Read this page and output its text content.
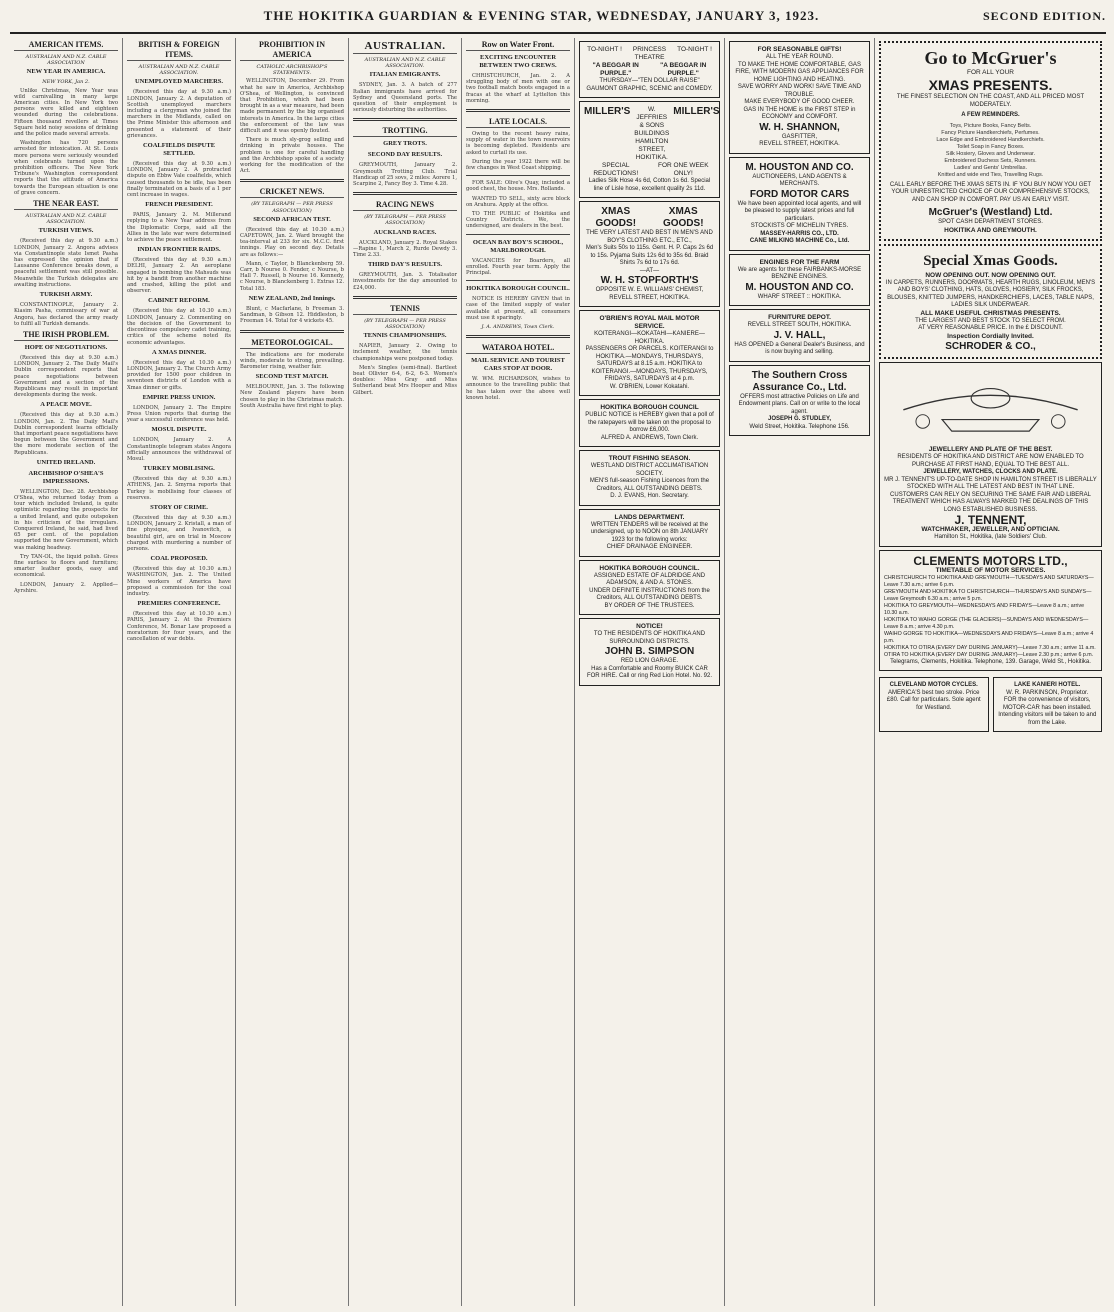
THE HOKITIKA GUARDIAN & EVENING STAR, WEDNESDAY, JANUARY 3, 1923.	SECOND EDITION.
AMERICAN ITEMS.
AUSTRALIAN AND N.Z. CABLE ASSOCIATION
NEW YEAR IN AMERICA.
NEW YORK, Jan 2.

Unlike Christmas, New Year was wild carnivalling in many large American cities. In New York two persons were killed and eighteen wounded during the celebrations. Fifteen thousand revellers at Times Square held noisy sessions of drinking and the police made several arrests.

Washington has 720 persons arrested for intoxication. At St. Louis more persons were seriously wounded when celebrants turned upon the prohibition officers. The New York Tribune's Washington correspondent reports that the attitude of America towards the European situation is one of grave concern.

THE NEAR EAST.
AUSTRALIAN AND N.Z. CABLE ASSOCIATION.
TURKISH VIEWS.

(Received this day at 9.30 a.m.) LONDON, January 2. Angora advises via Constantinople state Ismet Pasha has expressed the opinion that if Lausanne Conference breaks down, a peaceful settlement was still possible. Meanwhile the Turkish delegates are awaiting instructions.

TURKISH ARMY.

CONSTANTINOPLE, January 2. Kiasim Pasha, commissary of war at Angora, has declared the army ready to fulfil all Turkish demands.

THE IRISH PROBLEM.
HOPE OF NEGOTIATIONS.

(Received this day at 9.30 a.m.) LONDON, January 2. The Daily Mail's Dublin correspondent reports that peace negotiations between Government and a section of the Republicans may result in important developments during the week.

A PEACE MOVE.

(Received this day at 9.30 a.m.) LONDON, Jan. 2. The Daily Mail's Dublin correspondent learns officially that important peace negotiations have begun between the Government and the more moderate section of the Republicans.

UNITED IRELAND.
ARCHBISHOP O'SHEA'S IMPRESSIONS.

WELLINGTON, Dec. 28. Archbishop O'Shea, who returned today from a tour which included Ireland, is quite optimistic regarding the prospects for a united Ireland, and quite outspoken in his criticism of the irregulars. Conquered Ireland, he said, had lived 65 per cent. of the population supported the new Government, which was making headway.

Try TAN-OL, the liquid polish. Gives fine surface to floors and furniture; smarter leather goods, easy and economical.

LONDON, January 2. Applied—Ayrshire.

BRITISH & FOREIGN ITEMS.
AUSTRALIAN AND N.Z. CABLE ASSOCIATION.
UNEMPLOYED MARCHERS.

(Received this day at 9.30 a.m.) LONDON, January 2. A deputation of Scottish unemployed marchers including a clergyman who joined the marchers in the Midlands, called on the Prime Minister this afternoon and presented a statement of their grievances.

COALFIELDS DISPUTE SETTLED.

(Received this day at 9.30 a.m.) LONDON, January 2. A protracted dispute on Ebbw Vale coalfields, which caused thousands to be idle, has been finally terminated on a basis of a 1 per cent increase in wages.

FRENCH PRESIDENT.

PARIS, January 2. M. Millerand replying to a New Year address from the Diplomatic Corps, said all the Allies in the late war were determined to achieve the peace settlement.

INDIAN FRONTIER RAIDS.

(Received this day at 9.30 a.m.) DELHI, January 2. An aeroplane engaged in bombing the Mahsuds was hit by a bandit from another machine and crashed, killing the pilot and observer.

CABINET REFORM.

(Received this day at 10.30 a.m.) LONDON, January 2. Commenting on the decision of the Government to discontinue compulsory cadet training, critics of the scheme noted its economic advantages.

A XMAS DINNER.

(Received this day at 10.30 a.m.) LONDON, January 2. The Church Army provided for 1500 poor children in seventeen districts of London with a Xmas dinner or gifts.

EMPIRE PRESS UNION.

LONDON, January 2. The Empire Press Union reports that during the year a successful conference was held.

MOSUL DISPUTE.

LONDON, January 2. A Constantinople telegram states Angora officially announces the withdrawal of Mosul.

TURKEY MOBILISING.

(Received this day at 9.30 a.m.) ATHENS, Jan. 2. Smyrna reports that Turkey is mobilising four classes of reserves.

STORY OF CRIME.

(Received this day at 9.30 a.m.) LONDON, January 2. Kristall, a man of fine physique, and Ivanovitch, a beautiful girl, are on trial in Moscow charged with murdering a number of persons.

COAL PROPOSED.

(Received this day at 10.30 a.m.) WASHINGTON, Jan. 2. The United Mine workers of America have proposed a commission for the coal industry.

PREMIERS CONFERENCE.

(Received this day at 10.30 a.m.) PARIS, January 2. At the Premiers Conference, M. Bonar Law proposed a moratorium for four years, and the cancellation of war debts.

PROHIBITION IN AMERICA
CATHOLIC ARCHBISHOP'S STATEMENTS.

WELLINGTON, December 29. From what he saw in America, Archbishop O'Shea, of Wellington, is convinced that Prohibition, which had been brought in as a war measure, had been made permanent by the big organised interests in America. In the large cities the enforcement of the law was difficult and it was openly flouted.

There is much sly-grog selling and drinking in private houses. The problem is one for careful handling and the Archbishop spoke of a society working for the modification of the Act.

CRICKET NEWS.
(BY TELEGRAPH — PER PRESS ASSOCIATION)
SECOND AFRICAN TEST.

(Received this day at 10.30 a.m.) CAPETOWN, Jan. 2. Ward brought the tea-interval at 233 for six. M.C.C. first innings. Play on second day. Details are as follows:—

Mann, c Taylor, b Blanckenberg 59. Carr, b Nourse 0. Fender, c Nourse, b Hall 7. Russell, b Nourse 16. Kennedy, c Nourse, b Blanckenberg 1. Extras 12. Total 183.

NEW ZEALAND, 2nd Innings.

Blunt, c Macfarlane, b Freeman 3. Sandman, b Gibson 12. Hiddleston, b Freeman 14. Total for 4 wickets 45.

METEOROLOGICAL.

The indications are for moderate winds, moderate to strong, prevailing. Barometer rising, weather fair.

SECOND TEST MATCH.

MELBOURNE, Jan. 3. The following New Zealand players have been chosen to play in the Christmas match. South Australia have first right to play.

AUSTRALIAN.
AUSTRALIAN AND N.Z. CABLE ASSOCIATION.
ITALIAN EMIGRANTS.

SYDNEY, Jan. 3. A batch of 277 Italian immigrants have arrived for Sydney and Queensland ports. The question of their employment is seriously disturbing the authorities.

TROTTING.
GREY TROTS.
SECOND DAY RESULTS.

GREYMOUTH, January 2. Greymouth Trotting Club. Trial Handicap of 25 sovs, 2 miles: Aorere 1, Scarpine 2, Fancy Boy 3. Time 4.28.

RACING NEWS
(BY TELEGRAPH — PER PRESS ASSOCIATION)
AUCKLAND RACES.

AUCKLAND, January 2. Royal Stakes—Rapine 1, March 2, Rurde Dewdy 3. Time 2.33.

THIRD DAY'S RESULTS.

GREYMOUTH, Jan. 3. Totalisator investments for the day amounted to £24,000.

TENNIS
(BY TELEGRAPH — PER PRESS ASSOCIATION)
TENNIS CHAMPIONSHIPS.

NAPIER, January 2. Owing to inclement weather, the tennis championships were postponed today.

Men's Singles (semi-final). Bartleet beat Ollivier 6-4, 6-2, 6-3. Women's doubles: Miss Gray and Miss Sutherland beat Mrs Hooper and Miss Gilbert.

Row on Water Front.
EXCITING ENCOUNTER BETWEEN TWO CREWS.

CHRISTCHURCH, Jan. 2. A struggling body of men with one or two football match boots engaged in a fracas at the wharf at Lyttelton this morning.

LATE LOCALS.

Owing to the recent heavy rains, supply of water in the town reservoirs is becoming depleted. Residents are asked to curtail its use.

During the year 1922 there will be few changes in West Coast shipping.

FOR SALE: Olive's Quay, included a good chest, the house. Mrs. Rollands.

WANTED TO SELL, sixty acre block on Arahura. Apply at the office.

TO THE PUBLIC of Hokitika and Country Districts. We, the undersigned, are dealers in the best.

OCEAN BAY BOY'S SCHOOL, MARLBOROUGH.

VACANCIES for Boarders, all enrolled. Fourth year term. Apply the Principal.

HOKITIKA BOROUGH COUNCIL.

NOTICE IS HEREBY GIVEN that in case of the limited supply of water available at present, all consumers must use it sparingly.

J. A. ANDREWS, Town Clerk.
WATAROA HOTEL.
MAIL SERVICE AND TOURIST CARS STOP AT DOOR.

W. WM. RICHARDSON, wishes to announce to the travelling public that he has taken over the above well known hotel.

TO-NIGHT !	PRINCESS THEATRE
TO-NIGHT !
"A BEGGAR IN PURPLE."
"A BEGGAR IN PURPLE."
THURSDAY—"TEN DOLLAR RAISE" GAUMONT GRAPHIC, SCENIC and COMEDY.
MILLER'S	W. JEFFRIES & SONS BUILDINGS HAMILTON STREET, HOKITIKA.
MILLER'S
SPECIAL REDUCTIONS!
FOR ONE WEEK ONLY!
Ladies Silk Hose 4s 6d, Cotton 1s 6d. Special line of Lisle hose, excellent quality 2s 11d.
XMAS GOODS!
XMAS GOODS!
THE VERY LATEST AND BEST IN MEN'S AND BOY'S CLOTHING ETC., ETC.,
Men's Suits 50s to 115s. Gent. H. P. Caps 2s 6d to 15s. Pyjama Suits 12s 6d to 35s 6d. Braid Shirts 7s 6d to 17s 6d.
—AT—
W. H. STOPFORTH'S
OPPOSITE W. E. WILLIAMS' CHEMIST, REVELL STREET, HOKITIKA.
O'BRIEN'S ROYAL MAIL MOTOR SERVICE.
KOITERANGI—KOKATAHI—KANIERE—HOKITIKA.
PASSENGERS OR PARCELS. KOITERANGI to HOKITIKA.—MONDAYS, THURSDAYS, SATURDAYS at 8.15 a.m. HOKITIKA to KOITERANGI.—MONDAYS, THURSDAYS, FRIDAYS, SATURDAYS at 4 p.m.
W. O'BRIEN, Lower Kokatahi.
HOKITIKA BOROUGH COUNCIL
PUBLIC NOTICE is HEREBY given that a poll of the ratepayers will be taken on the proposal to borrow £6,000.
ALFRED A. ANDREWS, Town Clerk.
TROUT FISHING SEASON.
WESTLAND DISTRICT ACCLIMATISATION SOCIETY.
MEN'S full-season Fishing Licences from the Creditors, ALL OUTSTANDING DEBTS.
D. J. EVANS, Hon. Secretary.
LANDS DEPARTMENT.
WRITTEN TENDERS will be received at the undersigned, up to NOON on 8th JANUARY 1923 for the following works:
CHIEF DRAINAGE ENGINEER.
HOKITIKA BOROUGH COUNCIL.
ASSIGNED ESTATE OF ALDRIDGE AND ADAMSON, & AND A. STONES.
UNDER DEFINITE INSTRUCTIONS from the Creditors, ALL OUTSTANDING DEBTS.
BY ORDER OF THE TRUSTEES.
NOTICE!
TO THE RESIDENTS OF HOKITIKA AND SURROUNDING DISTRICTS.
JOHN B. SIMPSON
RED LION GARAGE.
Has a Comfortable and Roomy BUICK CAR FOR HIRE. Call or ring Red Lion Hotel. No. 92.
FOR SEASONABLE GIFTS!
ALL THE YEAR ROUND.
TO MAKE THE HOME COMFORTABLE, GAS FIRE, WITH MODERN GAS APPLIANCES FOR HOME LIGHTING AND HEATING.
SAVE WORRY AND WORK! SAVE TIME AND TROUBLE.
MAKE EVERYBODY OF GOOD CHEER.
GAS IN THE HOME is the FIRST STEP in ECONOMY and COMFORT.
W. H. SHANNON,
GASFITTER,
REVELL STREET, HOKITIKA.
M. HOUSTON AND CO.
AUCTIONEERS, LAND AGENTS & MERCHANTS.
FORD MOTOR CARS
We have been appointed local agents, and will be pleased to supply latest prices and full particulars.
STOCKISTS OF MICHELIN TYRES.
MASSEY-HARRIS CO., LTD.
CANE MILKING MACHINE Co., Ltd.
ENGINES FOR THE FARM
We are agents for these FAIRBANKS-MORSE BENZINE ENGINES.
M. HOUSTON AND CO.
WHARF STREET :: HOKITIKA.
FURNITURE DEPOT.
REVELL STREET SOUTH, HOKITIKA.
J. V. HALL,
HAS OPENED a General Dealer's Business, and is now buying and selling.
The Southern Cross Assurance Co., Ltd.
OFFERS most attractive Policies on Life and Endowment plans. Call on or write to the local agent.
JOSEPH G. STUDLEY,
Weld Street, Hokitika. Telephone 156.
Go to McGruer's
FOR ALL YOUR
XMAS PRESENTS.
THE FINEST SELECTION ON THE COAST, AND ALL PRICED MOST MODERATELY.
A FEW REMINDERS.
Toys, Picture Books, Fancy Belts.
Fancy Picture Handkerchiefs, Perfumes.
Lace Edge and Embroidered Handkerchiefs.
Toilet Soap in Fancy Boxes.
Silk Hosiery, Gloves and Underwear.
Embroidered Duchess Sets, Runners.
Ladies' and Gents' Umbrellas.
Knitted and wide end Ties, Travelling Rugs.
CALL EARLY BEFORE THE XMAS SETS IN. IF YOU BUY NOW YOU GET YOUR UNRESTRICTED CHOICE OF OUR COMPREHENSIVE STOCKS, AND CAN SHOP IN COMFORT. PAY US AN EARLY VISIT.
McGruer's (Westland) Ltd.
SPOT CASH DEPARTMENT STORES.
HOKITIKA AND GREYMOUTH.
Special Xmas Goods.
NOW OPENING OUT. NOW OPENING OUT.
IN CARPETS, RUNNERS, DOORMATS, HEARTH RUGS, LINOLEUM, MEN'S AND BOYS' CLOTHING, HATS, GLOVES, HOSIERY, SILK FROCKS, BLOUSES, KNITTED JUMPERS, HANDKERCHIEFS, LACES, TABLE NAPS, LADIES SILK UNDERWEAR.
ALL MAKE USEFUL CHRISTMAS PRESENTS.
THE LARGEST AND BEST STOCK TO SELECT FROM.
AT VERY REASONABLE PRICE. In the £ DISCOUNT.
Inspection Cordially Invited.
SCHRODER & CO.,
JEWELLERY AND PLATE OF THE BEST.
RESIDENTS OF HOKITIKA AND DISTRICT ARE NOW ENABLED TO PURCHASE AT FIRST HAND, EQUAL TO THE BEST ALL.
JEWELLERY, WATCHES, CLOCKS AND PLATE.
MR J. TENNENT'S UP-TO-DATE SHOP IN HAMILTON STREET IS LIBERALLY STOCKED WITH ALL THE LATEST AND BEST IN THAT LINE.
CUSTOMERS CAN RELY ON SECURING THE SAME FAIR AND LIBERAL TREATMENT WHICH HAS ALWAYS MARKED THE DEALINGS OF THIS LONG ESTABLISHED BUSINESS.
J. TENNENT,
WATCHMAKER, JEWELLER, AND OPTICIAN.
Hamilton St., Hokitika, (late Soldiers' Club.
CLEMENTS MOTORS LTD.,
TIMETABLE OF MOTOR SERVICES.
CHRISTCHURCH TO HOKITIKA AND GREYMOUTH—TUESDAYS AND SATURDAYS—Leave 7.30 a.m.; arrive 6 p.m.
GREYMOUTH AND HOKITIKA TO CHRISTCHURCH—THURSDAYS AND SUNDAYS—Leave Greymouth 6.30 a.m.; arrive 5 p.m.
HOKITIKA TO GREYMOUTH—WEDNESDAYS AND FRIDAYS—Leave 8 a.m.; arrive 10.30 a.m.
HOKITIKA TO WAIHO GORGE (THE GLACIERS)—SUNDAYS AND WEDNESDAYS—Leave 8 a.m.; arrive 4.30 p.m.
WAIHO GORGE TO HOKITIKA—WEDNESDAYS AND FRIDAYS—Leave 8 a.m.; arrive 4 p.m.
HOKITIKA TO OTIRA (EVERY DAY DURING JANUARY)—Leave 7.30 a.m.; arrive 11 a.m.
OTIRA TO HOKITIKA (EVERY DAY DURING JANUARY)—Leave 2.30 p.m.; arrive 6 p.m.
Telegrams, Clements, Hokitika. Telephone, 139. Garage, Weld St., Hokitika.
CLEVELAND MOTOR CYCLES.
AMERICA'S best two stroke. Price £80. Call for particulars. Sole agent for Westland.
LAKE KANIERI HOTEL.
W. R. PARKINSON, Proprietor.
FOR the convenience of visitors, MOTOR-CAR has been installed. Intending visitors will be taken to and from the Lake.
